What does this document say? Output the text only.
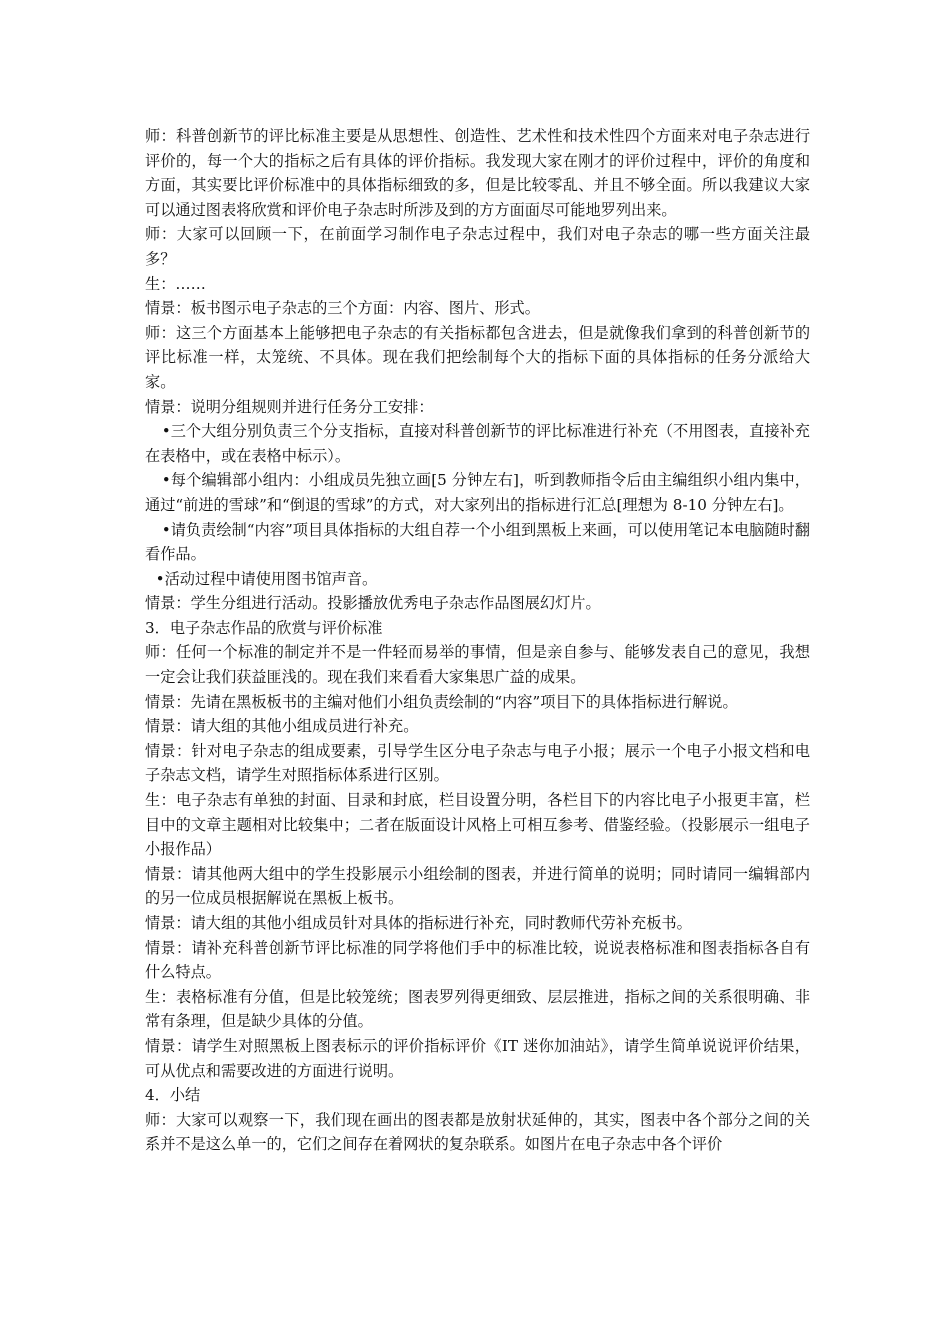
师：科普创新节的评比标准主要是从思想性、创造性、艺术性和技术性四个方面来对电子杂志进行评价的，每一个大的指标之后有具体的评价指标。我发现大家在刚才的评价过程中，评价的角度和方面，其实要比评价标准中的具体指标细致的多，但是比较零乱、并且不够全面。所以我建议大家可以通过图表将欣赏和评价电子杂志时所涉及到的方方面面尽可能地罗列出来。

师：大家可以回顾一下，在前面学习制作电子杂志过程中，我们对电子杂志的哪一些方面关注最多？

生：……

情景：板书图示电子杂志的三个方面：内容、图片、形式。

师：这三个方面基本上能够把电子杂志的有关指标都包含进去，但是就像我们拿到的科普创新节的评比标准一样，太笼统、不具体。现在我们把绘制每个大的指标下面的具体指标的任务分派给大家。

情景：说明分组规则并进行任务分工安排：

•三个大组分别负责三个分支指标，直接对科普创新节的评比标准进行补充（不用图表，直接补充在表格中，或在表格中标示）。

•每个编辑部小组内：小组成员先独立画[5 分钟左右]，听到教师指令后由主编组织小组内集中，通过“前进的雪球”和“倒退的雪球”的方式，对大家列出的指标进行汇总[理想为 8-10 分钟左右]。

•请负责绘制“内容”项目具体指标的大组自荐一个小组到黑板上来画，可以使用笔记本电脑随时翻看作品。

•活动过程中请使用图书馆声音。

情景：学生分组进行活动。投影播放优秀电子杂志作品图展幻灯片。

3．电子杂志作品的欣赏与评价标准

师：任何一个标准的制定并不是一件轻而易举的事情，但是亲自参与、能够发表自己的意见，我想一定会让我们获益匪浅的。现在我们来看看大家集思广益的成果。

情景：先请在黑板板书的主编对他们小组负责绘制的“内容”项目下的具体指标进行解说。

情景：请大组的其他小组成员进行补充。

情景：针对电子杂志的组成要素，引导学生区分电子杂志与电子小报；展示一个电子小报文档和电子杂志文档，请学生对照指标体系进行区别。

生：电子杂志有单独的封面、目录和封底，栏目设置分明，各栏目下的内容比电子小报更丰富，栏目中的文章主题相对比较集中；二者在版面设计风格上可相互参考、借鉴经验。（投影展示一组电子小报作品）

情景：请其他两大组中的学生投影展示小组绘制的图表，并进行简单的说明；同时请同一编辑部内的另一位成员根据解说在黑板上板书。

情景：请大组的其他小组成员针对具体的指标进行补充，同时教师代劳补充板书。

情景：请补充科普创新节评比标准的同学将他们手中的标准比较，说说表格标准和图表指标各自有什么特点。

生：表格标准有分值，但是比较笼统；图表罗列得更细致、层层推进，指标之间的关系很明确、非常有条理，但是缺少具体的分值。

情景：请学生对照黑板上图表标示的评价指标评价《IT 迷你加油站》，请学生简单说说评价结果，可从优点和需要改进的方面进行说明。

4．小结

师：大家可以观察一下，我们现在画出的图表都是放射状延伸的，其实，图表中各个部分之间的关系并不是这么单一的，它们之间存在着网状的复杂联系。如图片在电子杂志中各个评价
